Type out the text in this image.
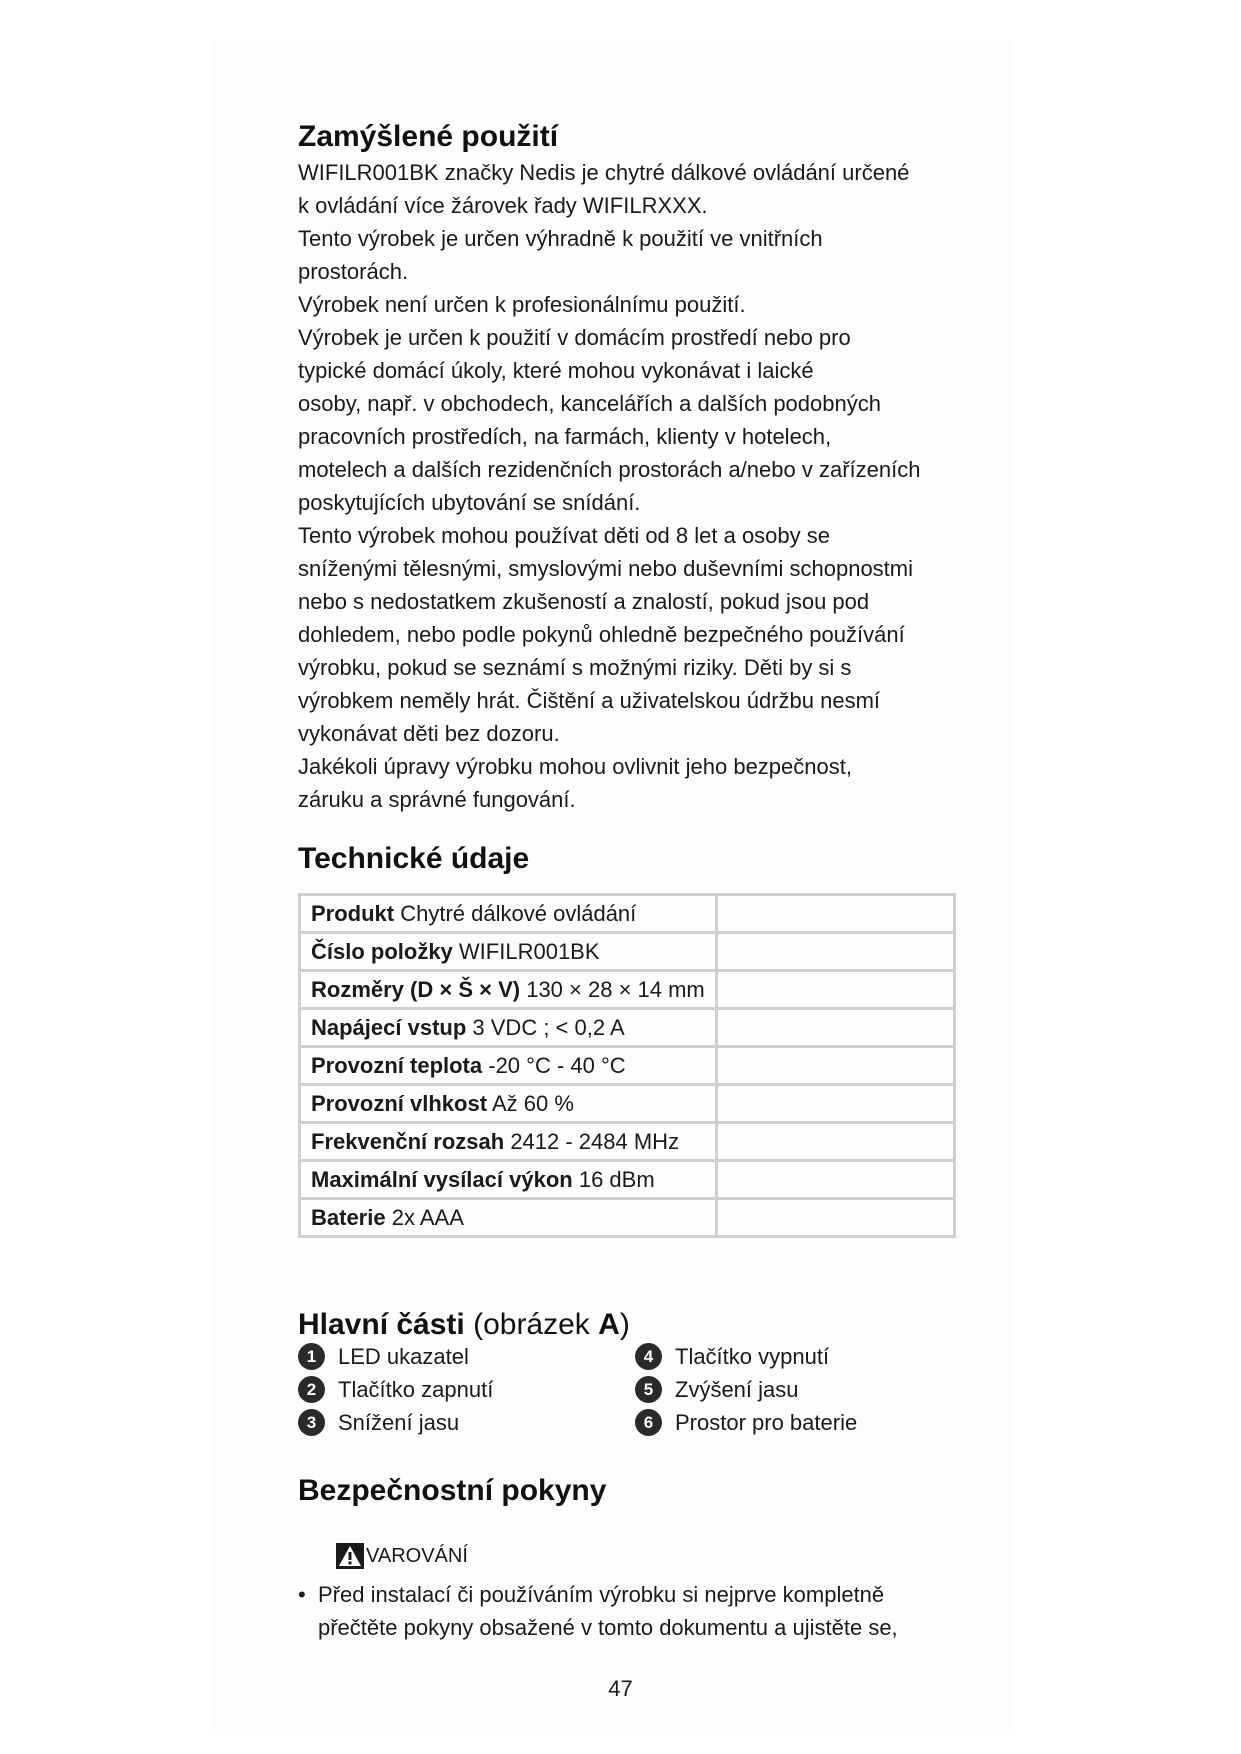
Zamýšlené použití

WIFILR001BK značky Nedis je chytré dálkové ovládání určené
k ovládání více žárovek řady WIFILRXXX.

Tento výrobek je určen výhradně k použití ve vnitřních
prostorách.

Výrobek není určen k profesionálnímu použití.

Výrobek je určen k použití v domácím prostředí nebo pro
typické domácí úkoly, které mohou vykonávat i laické
osoby, např. v obchodech, kancelářích a dalších podobných
pracovních prostředích, na farmách, klienty v hotelech,
motelech a dalších rezidenčních prostorách a/nebo v zařízeních
poskytujících ubytování se snídání.

Tento výrobek mohou používat děti od 8 let a osoby se
sníženými tělesnými, smyslovými nebo duševními schopnostmi
nebo s nedostatkem zkušeností a znalostí, pokud jsou pod
dohledem, nebo podle pokynů ohledně bezpečného používání
výrobku, pokud se seznámí s možnými riziky. Děti by si s
výrobkem neměly hrát. Čištění a uživatelskou údržbu nesmí
vykonávat děti bez dozoru.

Jakékoli úpravy výrobku mohou ovlivnit jeho bezpečnost,
záruku a správné fungování.

Technické údaje
Produkt Chytré dálkové ovládání	
Číslo položky WIFILR001BK	
Rozměry (D × Š × V) 130 × 28 × 14 mm	
Napájecí vstup 3 VDC ; < 0,2 A	
Provozní teplota -20 °C - 40 °C	
Provozní vlhkost Až 60 %	
Frekvenční rozsah 2412 - 2484 MHz	
Maximální vysílací výkon 16 dBm	
Baterie 2x AAA	
Hlavní části (obrázek A)
1 LED ukazatel	4 Tlačítko vypnutí
2 Tlačítko zapnutí	5 Zvýšení jasu
3 Snížení jasu	6 Prostor pro baterie
Bezpečnostní pokyny
VAROVÁNÍ
• Před instalací či používáním výrobku si nejprve kompletně
přečtěte pokyny obsažené v tomto dokumentu a ujistěte se,
47
